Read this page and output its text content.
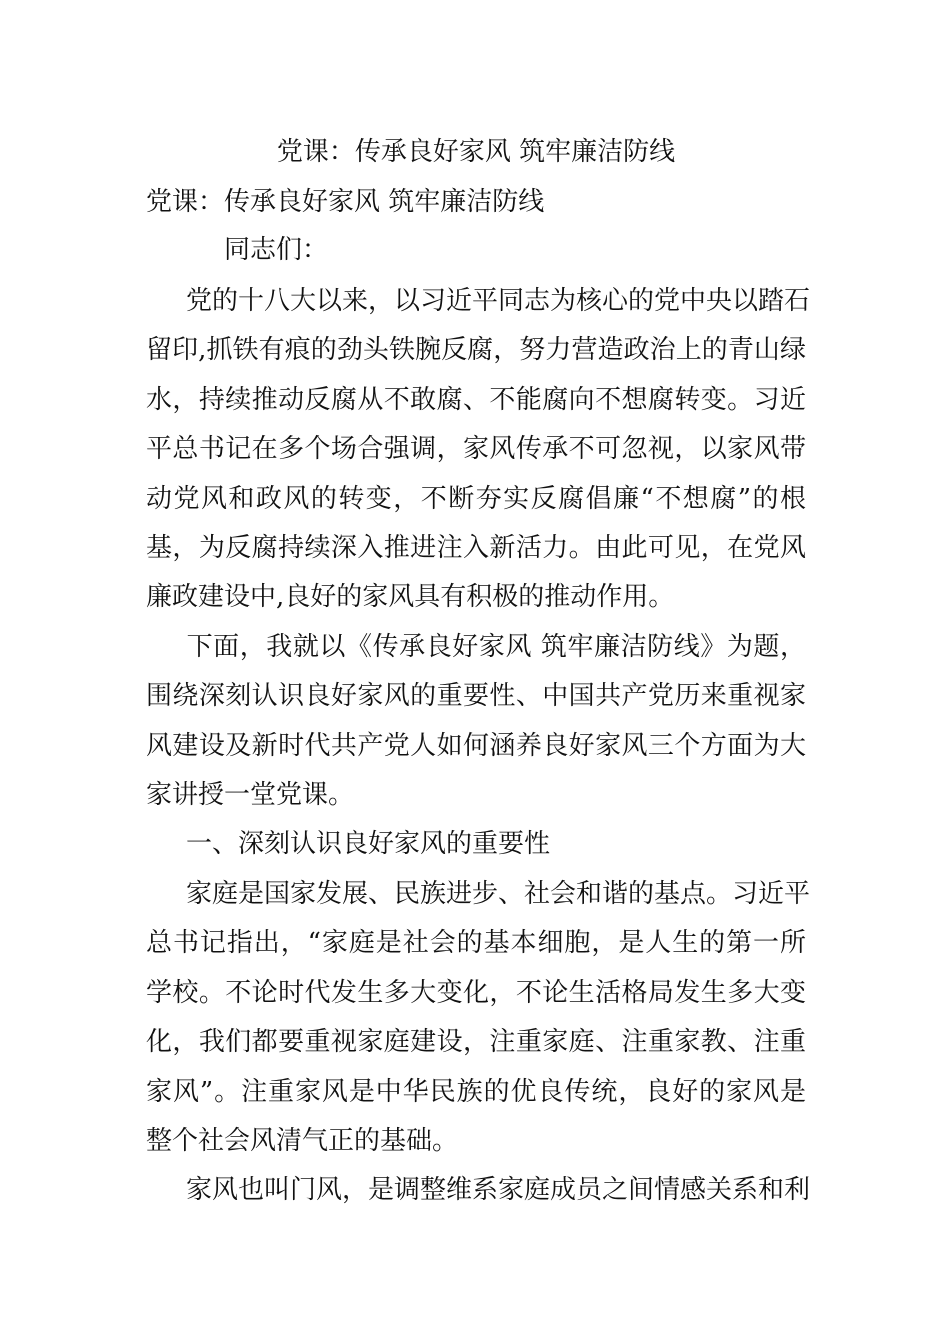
党课：传承良好家风 筑牢廉洁防线

党课：传承良好家风 筑牢廉洁防线

同志们：

党的十八大以来，以习近平同志为核心的党中央以踏石
留印,抓铁有痕的劲头铁腕反腐，努力营造政治上的青山绿
水，持续推动反腐从不敢腐、不能腐向不想腐转变。习近
平总书记在多个场合强调，家风传承不可忽视，以家风带
动党风和政风的转变，不断夯实反腐倡廉“不想腐”的根
基，为反腐持续深入推进注入新活力。由此可见，在党风
廉政建设中,良好的家风具有积极的推动作用。

下面，我就以《传承良好家风 筑牢廉洁防线》为题，
围绕深刻认识良好家风的重要性、中国共产党历来重视家
风建设及新时代共产党人如何涵养良好家风三个方面为大
家讲授一堂党课。

一、深刻认识良好家风的重要性

家庭是国家发展、民族进步、社会和谐的基点。习近平
总书记指出，“家庭是社会的基本细胞，是人生的第一所
学校。不论时代发生多大变化，不论生活格局发生多大变
化，我们都要重视家庭建设，注重家庭、注重家教、注重
家风”。注重家风是中华民族的优良传统，良好的家风是
整个社会风清气正的基础。

家风也叫门风，是调整维系家庭成员之间情感关系和利
